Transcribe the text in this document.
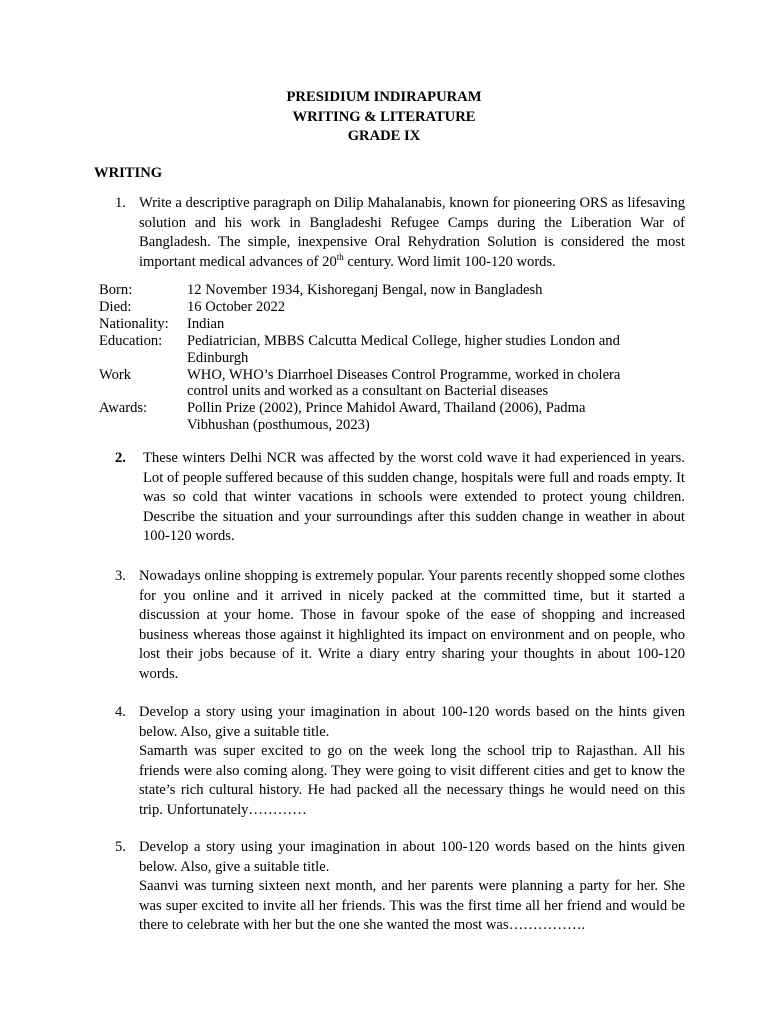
PRESIDIUM INDIRAPURAM
WRITING & LITERATURE
GRADE IX
WRITING
1. Write a descriptive paragraph on Dilip Mahalanabis, known for pioneering ORS as lifesaving solution and his work in Bangladeshi Refugee Camps during the Liberation War of Bangladesh. The simple, inexpensive Oral Rehydration Solution is considered the most important medical advances of 20th century. Word limit 100-120 words.
Born:	12 November 1934, Kishoreganj Bengal, now in Bangladesh
Died:	16 October 2022
Nationality:	Indian
Education:	Pediatrician, MBBS Calcutta Medical College, higher studies London and Edinburgh
Work	WHO, WHO’s Diarrhoel Diseases Control Programme, worked in cholera control units and worked as a consultant on Bacterial diseases
Awards:	Pollin Prize (2002), Prince Mahidol Award, Thailand (2006), Padma Vibhushan (posthumous, 2023)
2. These winters Delhi NCR was affected by the worst cold wave it had experienced in years. Lot of people suffered because of this sudden change, hospitals were full and roads empty. It was so cold that winter vacations in schools were extended to protect young children. Describe the situation and your surroundings after this sudden change in weather in about 100-120 words.
3. Nowadays online shopping is extremely popular. Your parents recently shopped some clothes for you online and it arrived in nicely packed at the committed time, but it started a discussion at your home. Those in favour spoke of the ease of shopping and increased business whereas those against it highlighted its impact on environment and on people, who lost their jobs because of it. Write a diary entry sharing your thoughts in about 100-120 words.
4. Develop a story using your imagination in about 100-120 words based on the hints given below. Also, give a suitable title.

Samarth was super excited to go on the week long the school trip to Rajasthan. All his friends were also coming along. They were going to visit different cities and get to know the state’s rich cultural history. He had packed all the necessary things he would need on this trip. Unfortunately…………

5. Develop a story using your imagination in about 100-120 words based on the hints given below. Also, give a suitable title.

Saanvi was turning sixteen next month, and her parents were planning a party for her. She was super excited to invite all her friends. This was the first time all her friend and would be there to celebrate with her but the one she wanted the most was…………….
